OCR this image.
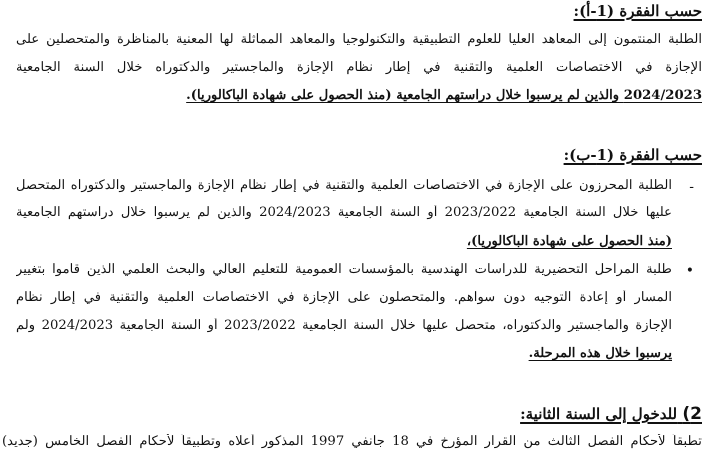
حسب الفقرة (1-أ):
الطلبة المنتمون إلى المعاهد العليا للعلوم التطبيقية والتكنولوجيا والمعاهد المماثلة لها المعنية بالمناظرة والمتحصلين على
الإجازة في الاختصاصات العلمية والتقنية في إطار نظام الإجازة والماجستير والدكتوراه خلال السنة الجامعية
2024/2023 والذين لم يرسبوا خلال دراستهم الجامعية (منذ الحصول على شهادة الباكالوريا).
حسب الفقرة (1-ب):
-
الطلبة المحرزون على الإجازة في الاختصاصات العلمية والتقنية في إطار نظام الإجازة والماجستير والدكتوراه المتحصل
عليها خلال السنة الجامعية 2023/2022 أو السنة الجامعية 2024/2023 والذين لم يرسبوا خلال دراستهم الجامعية
(منذ الحصول على شهادة الباكالوريا)،
•
طلبة المراحل التحضيرية للدراسات الهندسية بالمؤسسات العمومية للتعليم العالي والبحث العلمي الذين قاموا بتغيير
المسار أو إعادة التوجيه دون سواهم. والمتحصلون على الإجازة في الاختصاصات العلمية والتقنية في إطار نظام
الإجازة والماجستير والدكتوراه، متحصل عليها خلال السنة الجامعية 2023/2022 أو السنة الجامعية 2024/2023 ولم
يرسبوا خلال هذه المرحلة.
2) للدخول إلى السنة الثانية:
تطبقاً لأحكام الفصل الثالث من القرار المؤرخ في 18 جانفي 1997 المذكور أعلاه وتطبيقاً لأحكام الفصل الخامس (جديد)
